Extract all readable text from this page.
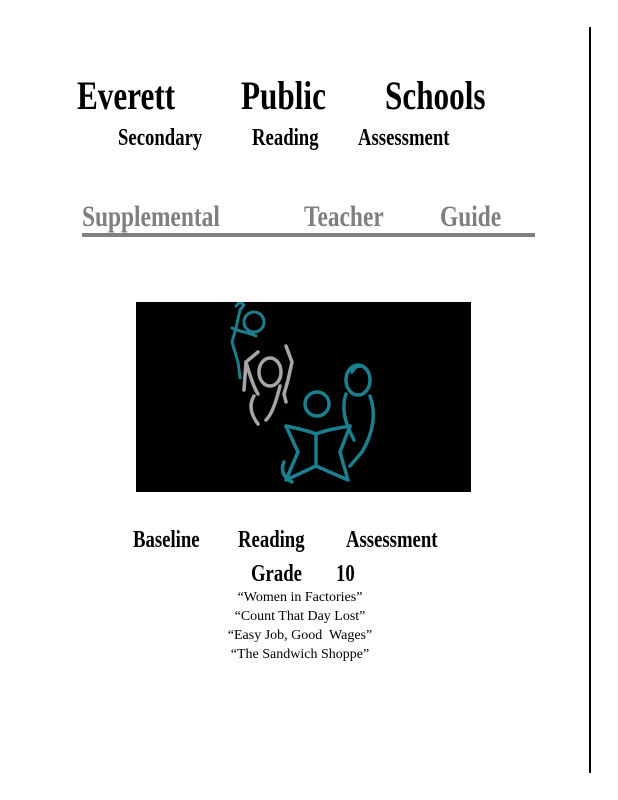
Everett	Public	Schools
Secondary	Reading	Assessment
Supplemental	Teacher	Guide
Baseline	Reading	Assessment
Grade	10
“Women in Factories”
“Count That Day Lost”
“Easy Job, Good  Wages”
“The Sandwich Shoppe”
